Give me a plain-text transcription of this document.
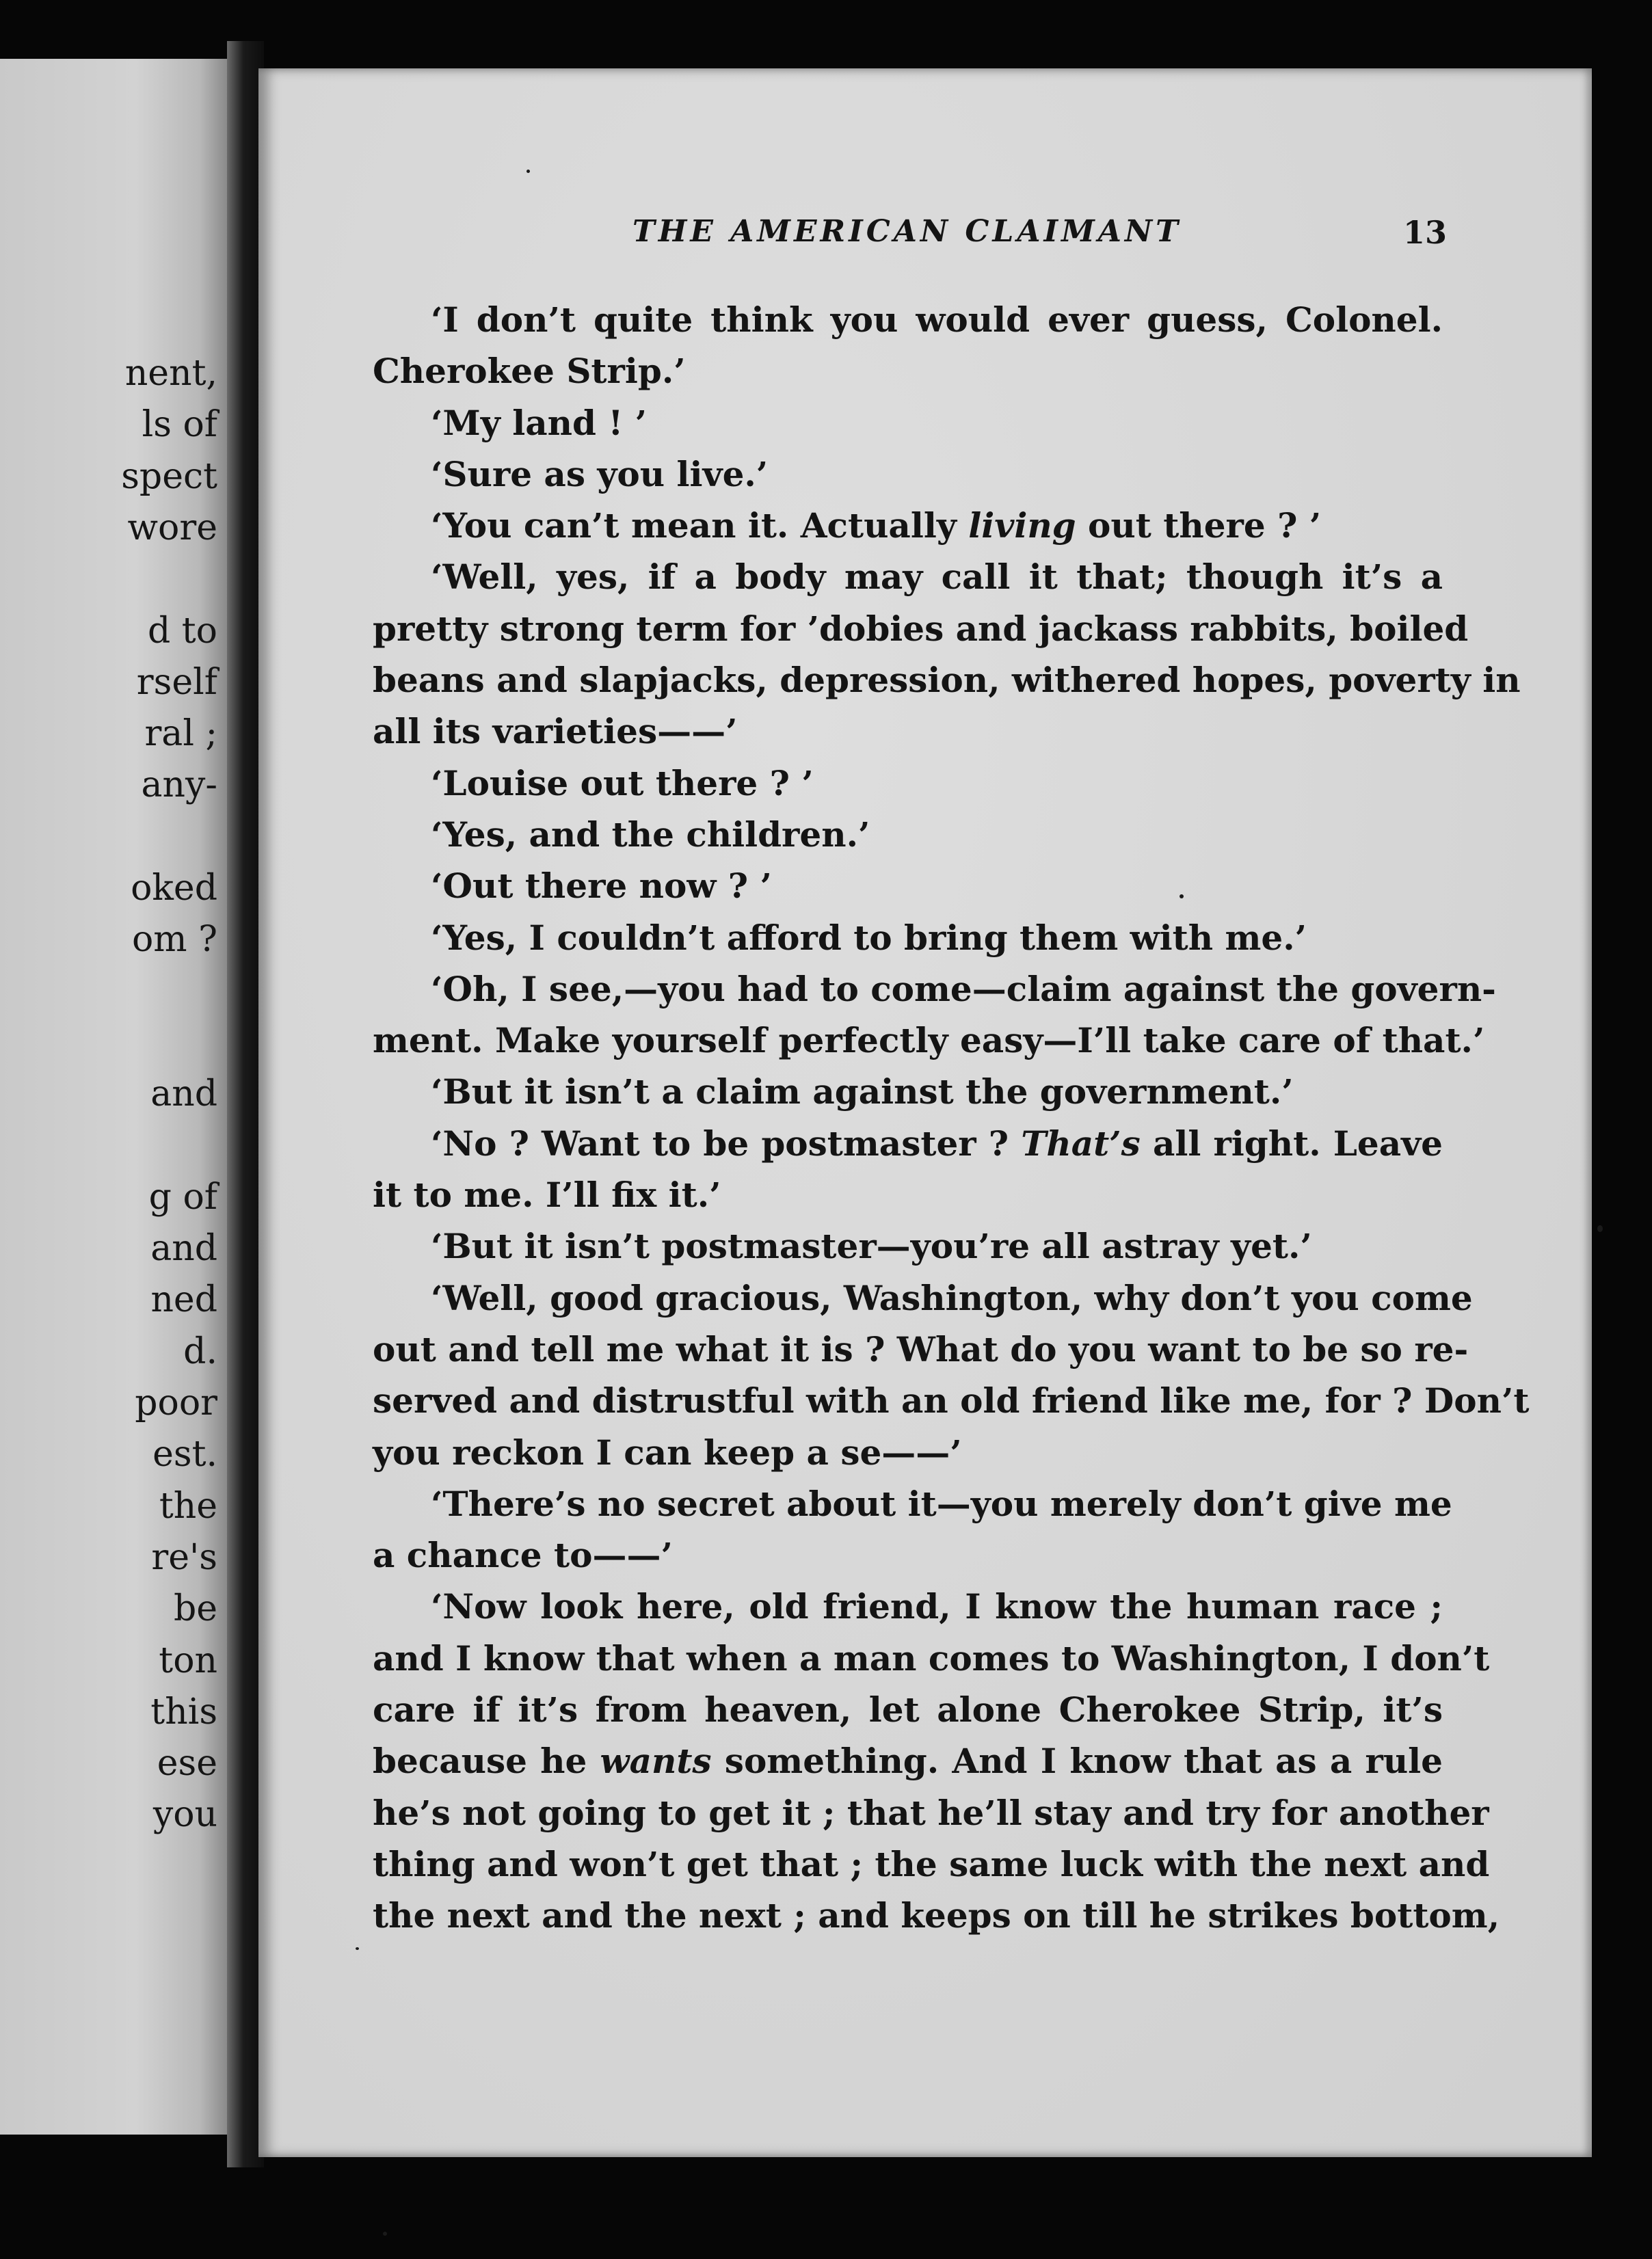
nent,
ls of
spect
wore
d to
rself
ral ;
any-
oked
om ?
and
g of
and
ned
d.
poor
est.
the
re's
be
ton
this
ese
you
THE AMERICAN CLAIMANT	13
‘I don’t quite think you would ever guess, Colonel.
Cherokee Strip.’
‘My land ! ’
‘Sure as you live.’
‘You can’t mean it. Actually living out there ? ’
‘Well, yes, if a body may call it that; though it’s a
pretty strong term for ’dobies and jackass rabbits, boiled
beans and slapjacks, depression, withered hopes, poverty in
all its varieties——’
‘Louise out there ? ’
‘Yes, and the children.’
‘Out there now ? ’
‘Yes, I couldn’t afford to bring them with me.’
‘Oh, I see,—you had to come—claim against the govern-
ment. Make yourself perfectly easy—I’ll take care of that.’
‘But it isn’t a claim against the government.’
‘No ? Want to be postmaster ? That’s all right. Leave
it to me. I’ll fix it.’
‘But it isn’t postmaster—you’re all astray yet.’
‘Well, good gracious, Washington, why don’t you come
out and tell me what it is ? What do you want to be so re-
served and distrustful with an old friend like me, for ? Don’t
you reckon I can keep a se——’
‘There’s no secret about it—you merely don’t give me
a chance to——’
‘Now look here, old friend, I know the human race ;
and I know that when a man comes to Washington, I don’t
care if it’s from heaven, let alone Cherokee Strip, it’s
because he wants something. And I know that as a rule
he’s not going to get it ; that he’ll stay and try for another
thing and won’t get that ; the same luck with the next and
the next and the next ; and keeps on till he strikes bottom,
